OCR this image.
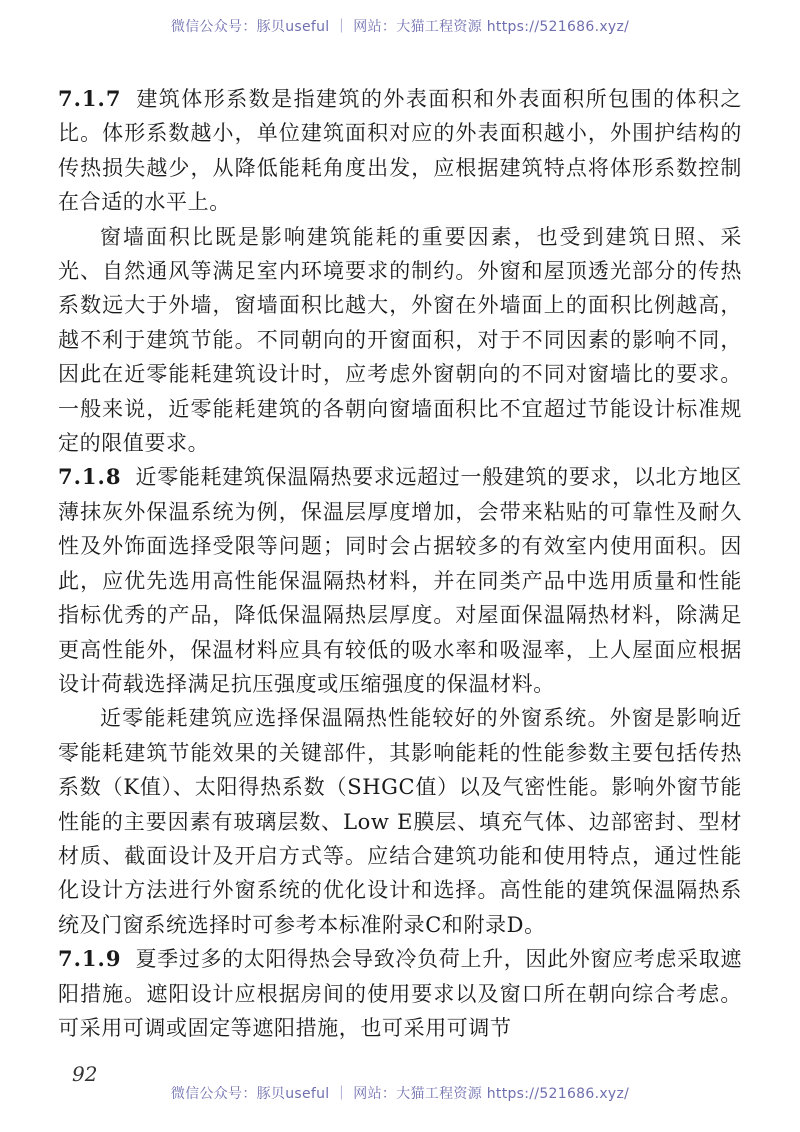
微信公众号：豚贝useful ｜ 网站：大猫工程资源 https://521686.xyz/

7.1.7 建筑体形系数是指建筑的外表面积和外表面积所包围的体积之比。体形系数越小，单位建筑面积对应的外表面积越小，外围护结构的传热损失越少，从降低能耗角度出发，应根据建筑特点将体形系数控制在合适的水平上。

窗墙面积比既是影响建筑能耗的重要因素，也受到建筑日照、采光、自然通风等满足室内环境要求的制约。外窗和屋顶透光部分的传热系数远大于外墙，窗墙面积比越大，外窗在外墙面上的面积比例越高，越不利于建筑节能。不同朝向的开窗面积，对于不同因素的影响不同，因此在近零能耗建筑设计时，应考虑外窗朝向的不同对窗墙比的要求。一般来说，近零能耗建筑的各朝向窗墙面积比不宜超过节能设计标准规定的限值要求。

7.1.8 近零能耗建筑保温隔热要求远超过一般建筑的要求，以北方地区薄抹灰外保温系统为例，保温层厚度增加，会带来粘贴的可靠性及耐久性及外饰面选择受限等问题；同时会占据较多的有效室内使用面积。因此，应优先选用高性能保温隔热材料，并在同类产品中选用质量和性能指标优秀的产品，降低保温隔热层厚度。对屋面保温隔热材料，除满足更高性能外，保温材料应具有较低的吸水率和吸湿率，上人屋面应根据设计荷载选择满足抗压强度或压缩强度的保温材料。

近零能耗建筑应选择保温隔热性能较好的外窗系统。外窗是影响近零能耗建筑节能效果的关键部件，其影响能耗的性能参数主要包括传热系数（K值）、太阳得热系数（SHGC值）以及气密性能。影响外窗节能性能的主要因素有玻璃层数、Low E膜层、填充气体、边部密封、型材材质、截面设计及开启方式等。应结合建筑功能和使用特点，通过性能化设计方法进行外窗系统的优化设计和选择。高性能的建筑保温隔热系统及门窗系统选择时可参考本标准附录C和附录D。

7.1.9 夏季过多的太阳得热会导致冷负荷上升，因此外窗应考虑采取遮阳措施。遮阳设计应根据房间的使用要求以及窗口所在朝向综合考虑。可采用可调或固定等遮阳措施，也可采用可调节

92
微信公众号：豚贝useful ｜ 网站：大猫工程资源 https://521686.xyz/
